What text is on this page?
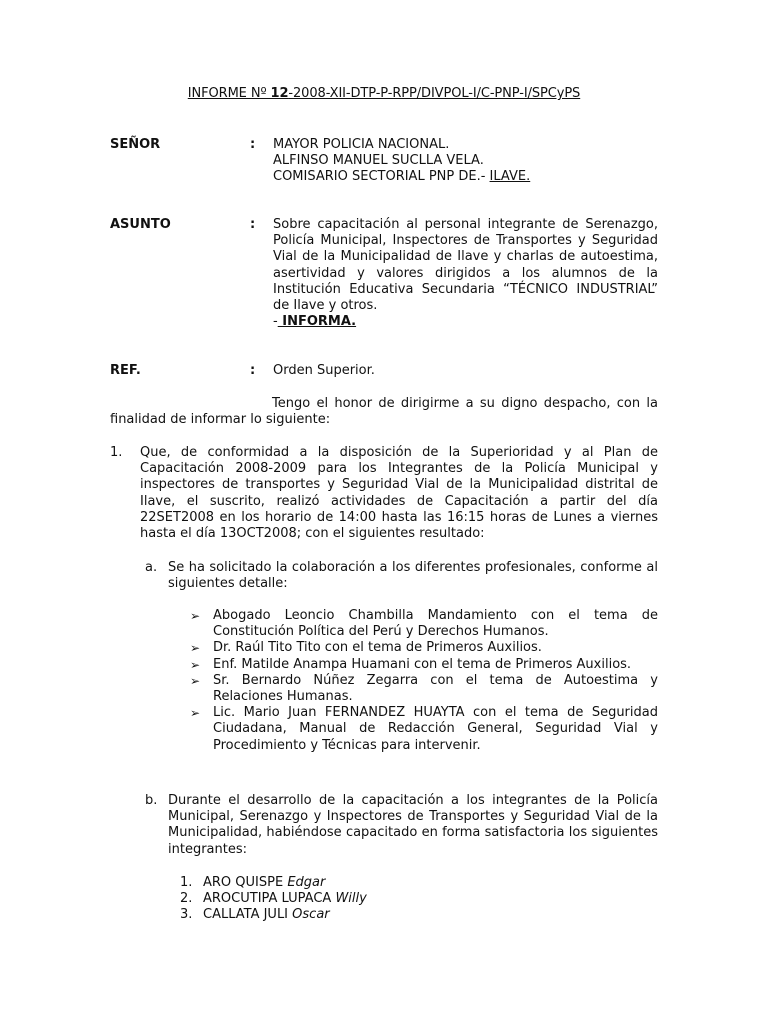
INFORME Nº 12-2008-XII-DTP-P-RPP/DIVPOL-I/C-PNP-I/SPCyPS
SEÑOR	: MAYOR POLICIA NACIONAL.
ALFINSO MANUEL SUCLLA VELA.
COMISARIO SECTORIAL PNP DE.- ILAVE.
ASUNTO	: Sobre capacitación al personal integrante de Serenazgo, Policía Municipal, Inspectores de Transportes y Seguridad Vial de la Municipalidad de Ilave y charlas de autoestima, asertividad y valores dirigidos a los alumnos de la Institución Educativa Secundaria “TÉCNICO INDUSTRIAL” de Ilave y otros.
- INFORMA.
REF.	: Orden Superior.
Tengo el honor de dirigirme a su digno despacho, con la finalidad de informar lo siguiente:
1. Que, de conformidad a la disposición de la Superioridad y al Plan de Capacitación 2008-2009 para los Integrantes de la Policía Municipal y inspectores de transportes y Seguridad Vial de la Municipalidad distrital de Ilave, el suscrito, realizó actividades de Capacitación a partir del día 22SET2008 en los horario de 14:00 hasta las 16:15 horas de Lunes a viernes hasta el día 13OCT2008; con el siguientes resultado:
a. Se ha solicitado la colaboración a los diferentes profesionales, conforme al siguientes detalle:
➢ Abogado Leoncio Chambilla Mandamiento con el tema de Constitución Política del Perú y Derechos Humanos.
➢ Dr. Raúl Tito Tito con el tema de Primeros Auxilios.
➢ Enf. Matilde Anampa Huamani con el tema de Primeros Auxilios.
➢ Sr. Bernardo Núñez Zegarra con el tema de Autoestima y Relaciones Humanas.
➢ Lic. Mario Juan FERNANDEZ HUAYTA con el tema de Seguridad Ciudadana, Manual de Redacción General, Seguridad Vial y Procedimiento y Técnicas para intervenir.
b. Durante el desarrollo de la capacitación a los integrantes de la Policía Municipal, Serenazgo y Inspectores de Transportes y Seguridad Vial de la Municipalidad, habiéndose capacitado en forma satisfactoria los siguientes integrantes:
1. ARO QUISPE Edgar
2. AROCUTIPA LUPACA Willy
3. CALLATA JULI Oscar
